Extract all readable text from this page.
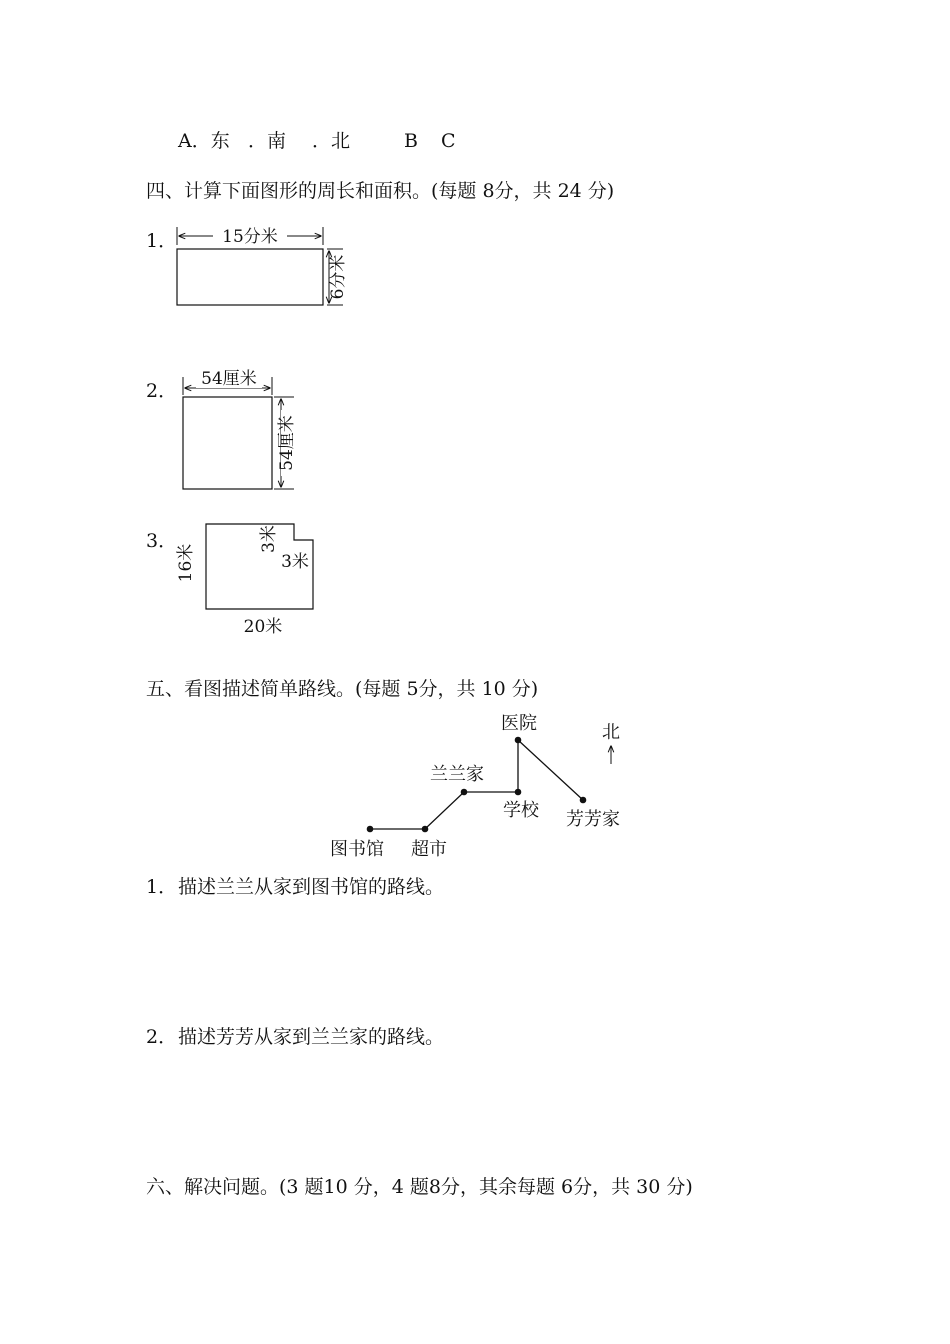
A．东 ．南 ．北	B C
四、计算下面图形的周长和面积。(每题 8分，共 24 分)
1．
2．
3．
五、看图描述简单路线。(每题 5分，共 10 分)
1． 描述兰兰从家到图书馆的路线。
2． 描述芳芳从家到兰兰家的路线。
六、解决问题。(3 题10 分，4 题8分，其余每题 6分，共 30 分)
15分米
6分米
54厘米
54厘米
16米
3米
3米
20米
医院
兰兰家
学校 芳芳家
图书馆 超市
北
